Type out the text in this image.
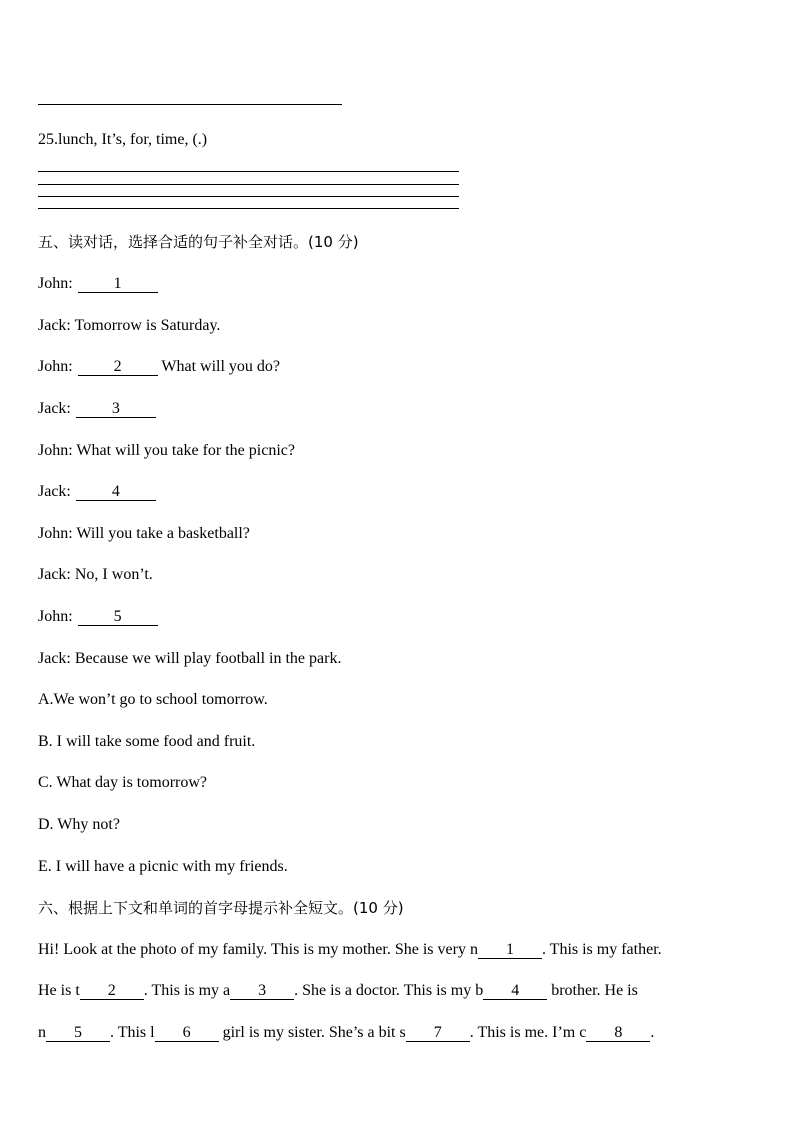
25.lunch, It’s, for, time, (.)
五、读对话，选择合适的句子补全对话。(10 分)
John:	1
Jack: Tomorrow is Saturday.
John:	2 What will you do?
Jack:	3
John: What will you take for the picnic?
Jack:	4
John: Will you take a basketball?
Jack: No, I won’t.
John:	5
Jack: Because we will play football in the park.
A.We won’t go to school tomorrow.
B. I will take some food and fruit.
C. What day is tomorrow?
D. Why not?
E. I will have a picnic with my friends.
六、根据上下文和单词的首字母提示补全短文。(10 分)
Hi! Look at the photo of my family. This is my mother. She is very n 1 . This is my father.
He is t 2 . This is my a 3 . She is a doctor. This is my b 4 brother. He is
n 5 . This l 6 girl is my sister. She’s a bit s 7 . This is me. I’m c 8 .
